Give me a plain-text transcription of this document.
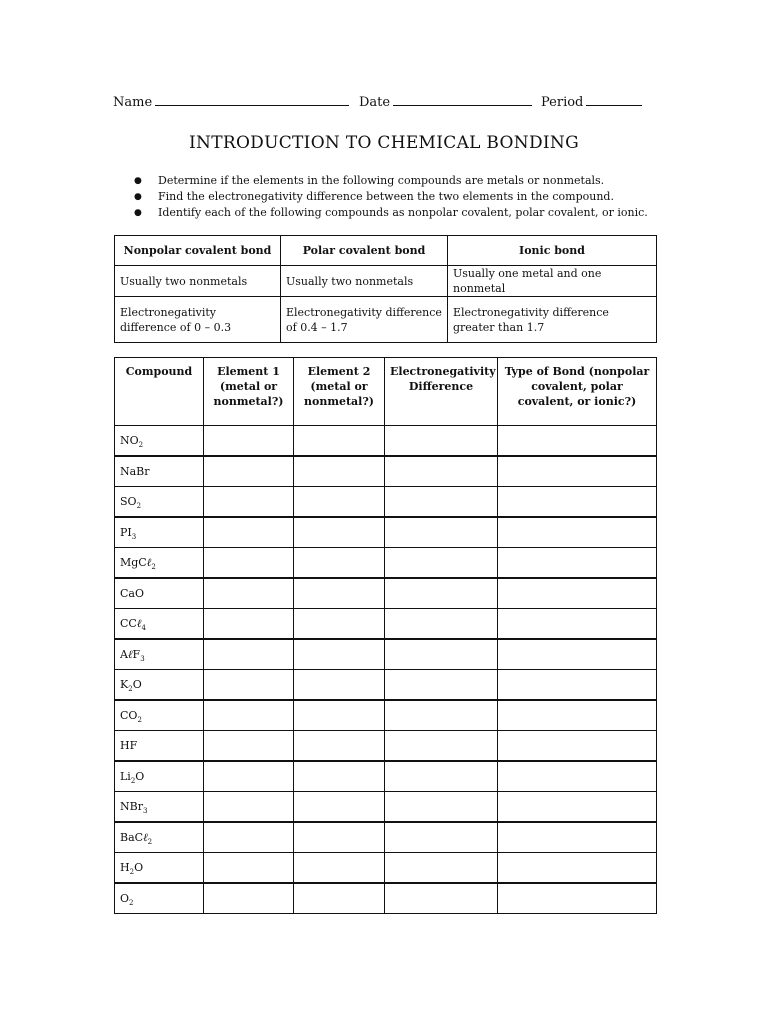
Name	Date	Period
INTRODUCTION TO CHEMICAL BONDING
● Determine if the elements in the following compounds are metals or nonmetals.
● Find the electronegativity difference between the two elements in the compound.
● Identify each of the following compounds as nonpolar covalent, polar covalent, or ionic.
Nonpolar covalent bond	Polar covalent bond	Ionic bond
Usually two nonmetals	Usually two nonmetals	Usually one metal and one nonmetal
Electronegativity difference of 0 – 0.3	Electronegativity difference of 0.4 – 1.7	Electronegativity difference greater than 1.7
Compound	Element 1 (metal or nonmetal?)	Element 2 (metal or nonmetal?)	Electronegativity Difference	Type of Bond (nonpolar covalent, polar covalent, or ionic?)
$NO_2$				
NaBr				
$SO_2$				
$PI_3$				
MgCℓ$_2$				
CaO				
CCℓ$_4$				
AℓF$_3$				
$K_2O$				
$CO_2$				
HF				
$Li_2O$				
NBr$_3$				
BaCℓ$_2$				
$H_2O$				
$O_2$				
